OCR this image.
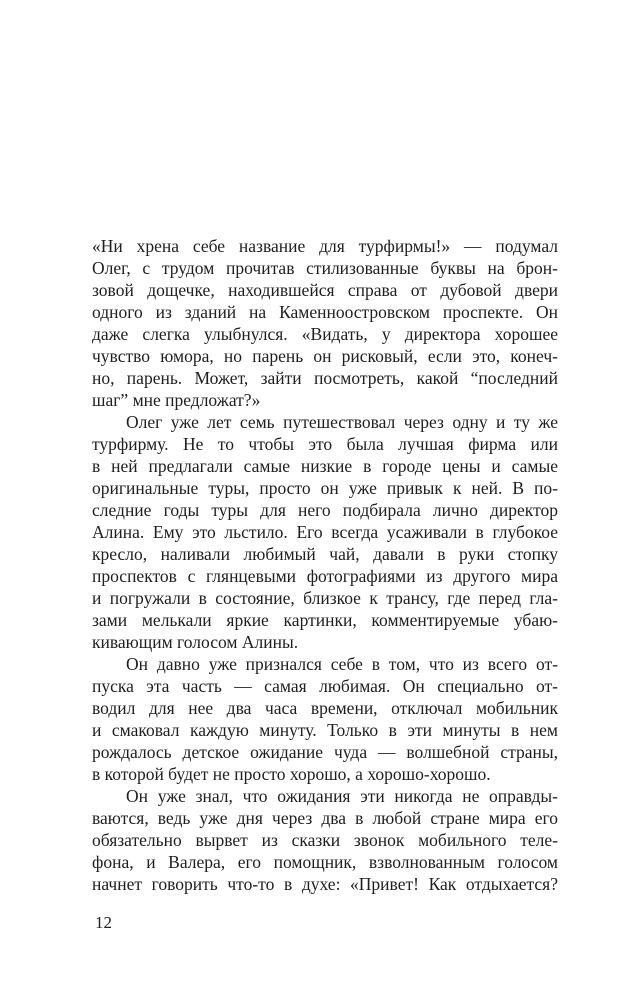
«Ни хрена себе название для турфирмы!» — подумал
Олег, с трудом прочитав стилизованные буквы на брон-
зовой дощечке, находившейся справа от дубовой двери
одного из зданий на Каменноостровском проспекте. Он
даже слегка улыбнулся. «Видать, у директора хорошее
чувство юмора, но парень он рисковый, если это, конеч-
но, парень. Может, зайти посмотреть, какой “последний
шаг” мне предложат?»
Олег уже лет семь путешествовал через одну и ту же
турфирму. Не то чтобы это была лучшая фирма или
в ней предлагали самые низкие в городе цены и самые
оригинальные туры, просто он уже привык к ней. В по-
следние годы туры для него подбирала лично директор
Алина. Ему это льстило. Его всегда усаживали в глубокое
кресло, наливали любимый чай, давали в руки стопку
проспектов с глянцевыми фотографиями из другого мира
и погружали в состояние, близкое к трансу, где перед гла-
зами мелькали яркие картинки, комментируемые убаю-
кивающим голосом Алины.
Он давно уже признался себе в том, что из всего от-
пуска эта часть — самая любимая. Он специально от-
водил для нее два часа времени, отключал мобильник
и смаковал каждую минуту. Только в эти минуты в нем
рождалось детское ожидание чуда — волшебной страны,
в которой будет не просто хорошо, а хорошо-хорошо.
Он уже знал, что ожидания эти никогда не оправды-
ваются, ведь уже дня через два в любой стране мира его
обязательно вырвет из сказки звонок мобильного теле-
фона, и Валера, его помощник, взволнованным голосом
начнет говорить что-то в духе: «Привет! Как отдыхается?
12
